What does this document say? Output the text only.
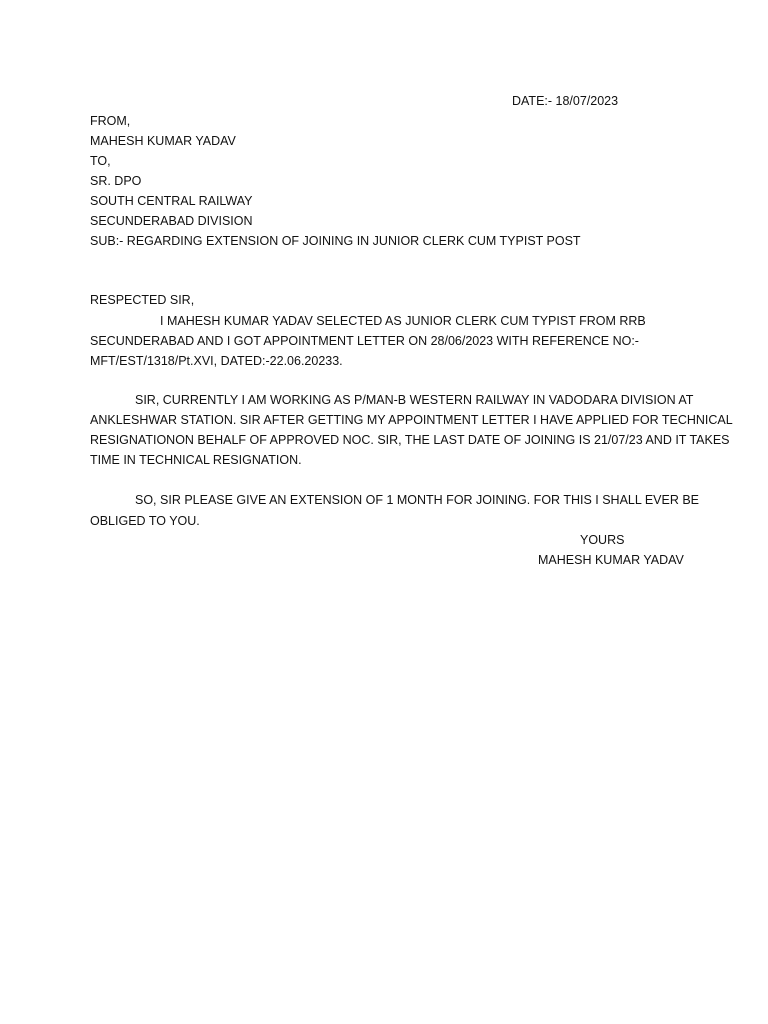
DATE:- 18/07/2023
FROM,
MAHESH KUMAR YADAV
TO,
SR. DPO
SOUTH CENTRAL RAILWAY
SECUNDERABAD DIVISION
SUB:- REGARDING EXTENSION OF JOINING IN JUNIOR CLERK CUM TYPIST POST
RESPECTED SIR,
I MAHESH KUMAR YADAV SELECTED AS JUNIOR CLERK CUM TYPIST FROM RRB
SECUNDERABAD AND I GOT APPOINTMENT LETTER ON 28/06/2023 WITH REFERENCE NO:-
MFT/EST/1318/Pt.XVI, DATED:-22.06.20233.
SIR, CURRENTLY I AM WORKING AS P/MAN-B WESTERN RAILWAY IN VADODARA DIVISION AT
ANKLESHWAR STATION. SIR AFTER GETTING MY APPOINTMENT LETTER I HAVE APPLIED FOR TECHNICAL
RESIGNATIONON BEHALF OF APPROVED NOC. SIR, THE LAST DATE OF JOINING IS 21/07/23 AND IT TAKES
TIME IN TECHNICAL RESIGNATION.
SO, SIR PLEASE GIVE AN EXTENSION OF 1 MONTH FOR JOINING. FOR THIS I SHALL EVER BE
OBLIGED TO YOU.
YOURS
MAHESH KUMAR YADAV
